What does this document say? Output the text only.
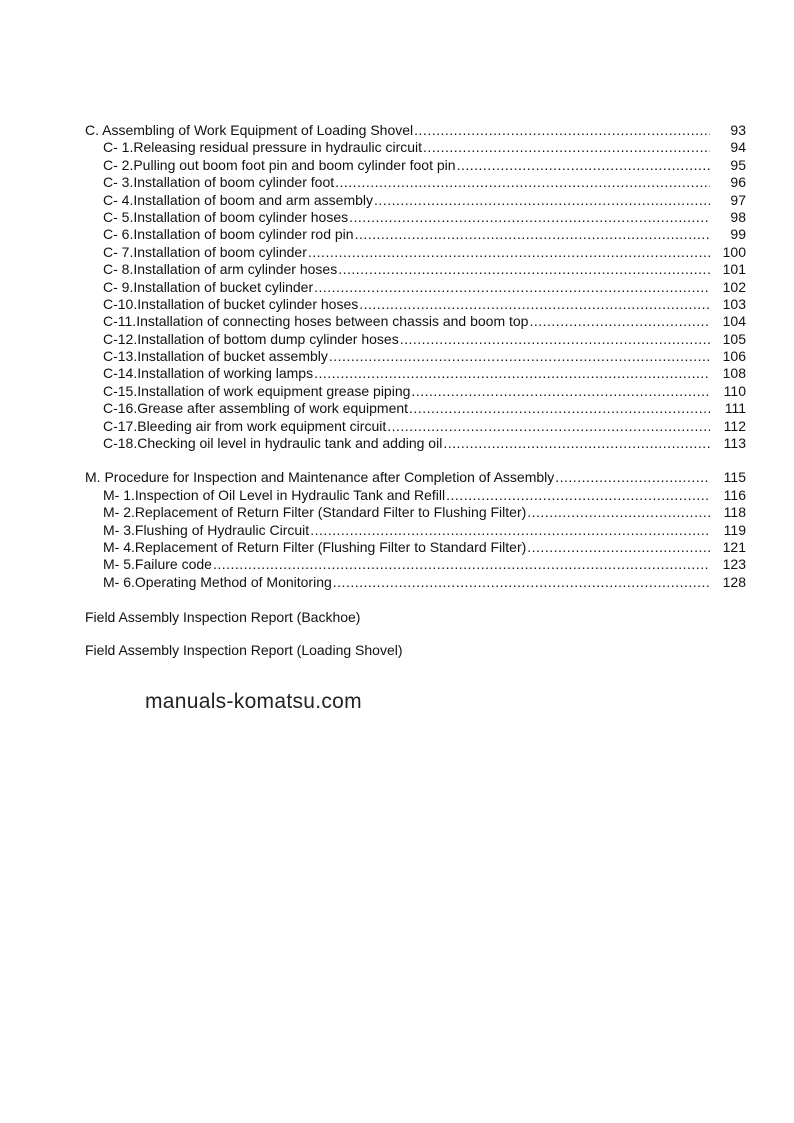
C. Assembling of Work Equipment of Loading Shovel .....	93
C- 1. Releasing residual pressure in hydraulic circuit .....	94
C- 2. Pulling out boom foot pin and boom cylinder foot pin .....	95
C- 3. Installation of boom cylinder foot .....	96
C- 4. Installation of boom and arm assembly .....	97
C- 5. Installation of boom cylinder hoses .....	98
C- 6. Installation of boom cylinder rod pin .....	99
C- 7. Installation of boom cylinder .....	100
C- 8. Installation of arm cylinder hoses .....	101
C- 9. Installation of bucket cylinder .....	102
C-10. Installation of bucket cylinder hoses .....	103
C-11. Installation of connecting hoses between chassis and boom top .....	104
C-12. Installation of bottom dump cylinder hoses .....	105
C-13. Installation of bucket assembly .....	106
C-14. Installation of working lamps .....	108
C-15. Installation of work equipment grease piping .....	110
C-16. Grease after assembling of work equipment .....	111
C-17. Bleeding air from work equipment circuit .....	112
C-18. Checking oil level in hydraulic tank and adding oil .....	113
M. Procedure for Inspection and Maintenance after Completion of Assembly .....	115
M- 1. Inspection of Oil Level in Hydraulic Tank and Refill .....	116
M- 2. Replacement of Return Filter (Standard Filter to Flushing Filter) .....	118
M- 3. Flushing of Hydraulic Circuit .....	119
M- 4. Replacement of Return Filter (Flushing Filter to Standard Filter) .....	121
M- 5. Failure code .....	123
M- 6. Operating Method of Monitoring .....	128
Field Assembly Inspection Report (Backhoe)
Field Assembly Inspection Report (Loading Shovel)
manuals-komatsu.com
